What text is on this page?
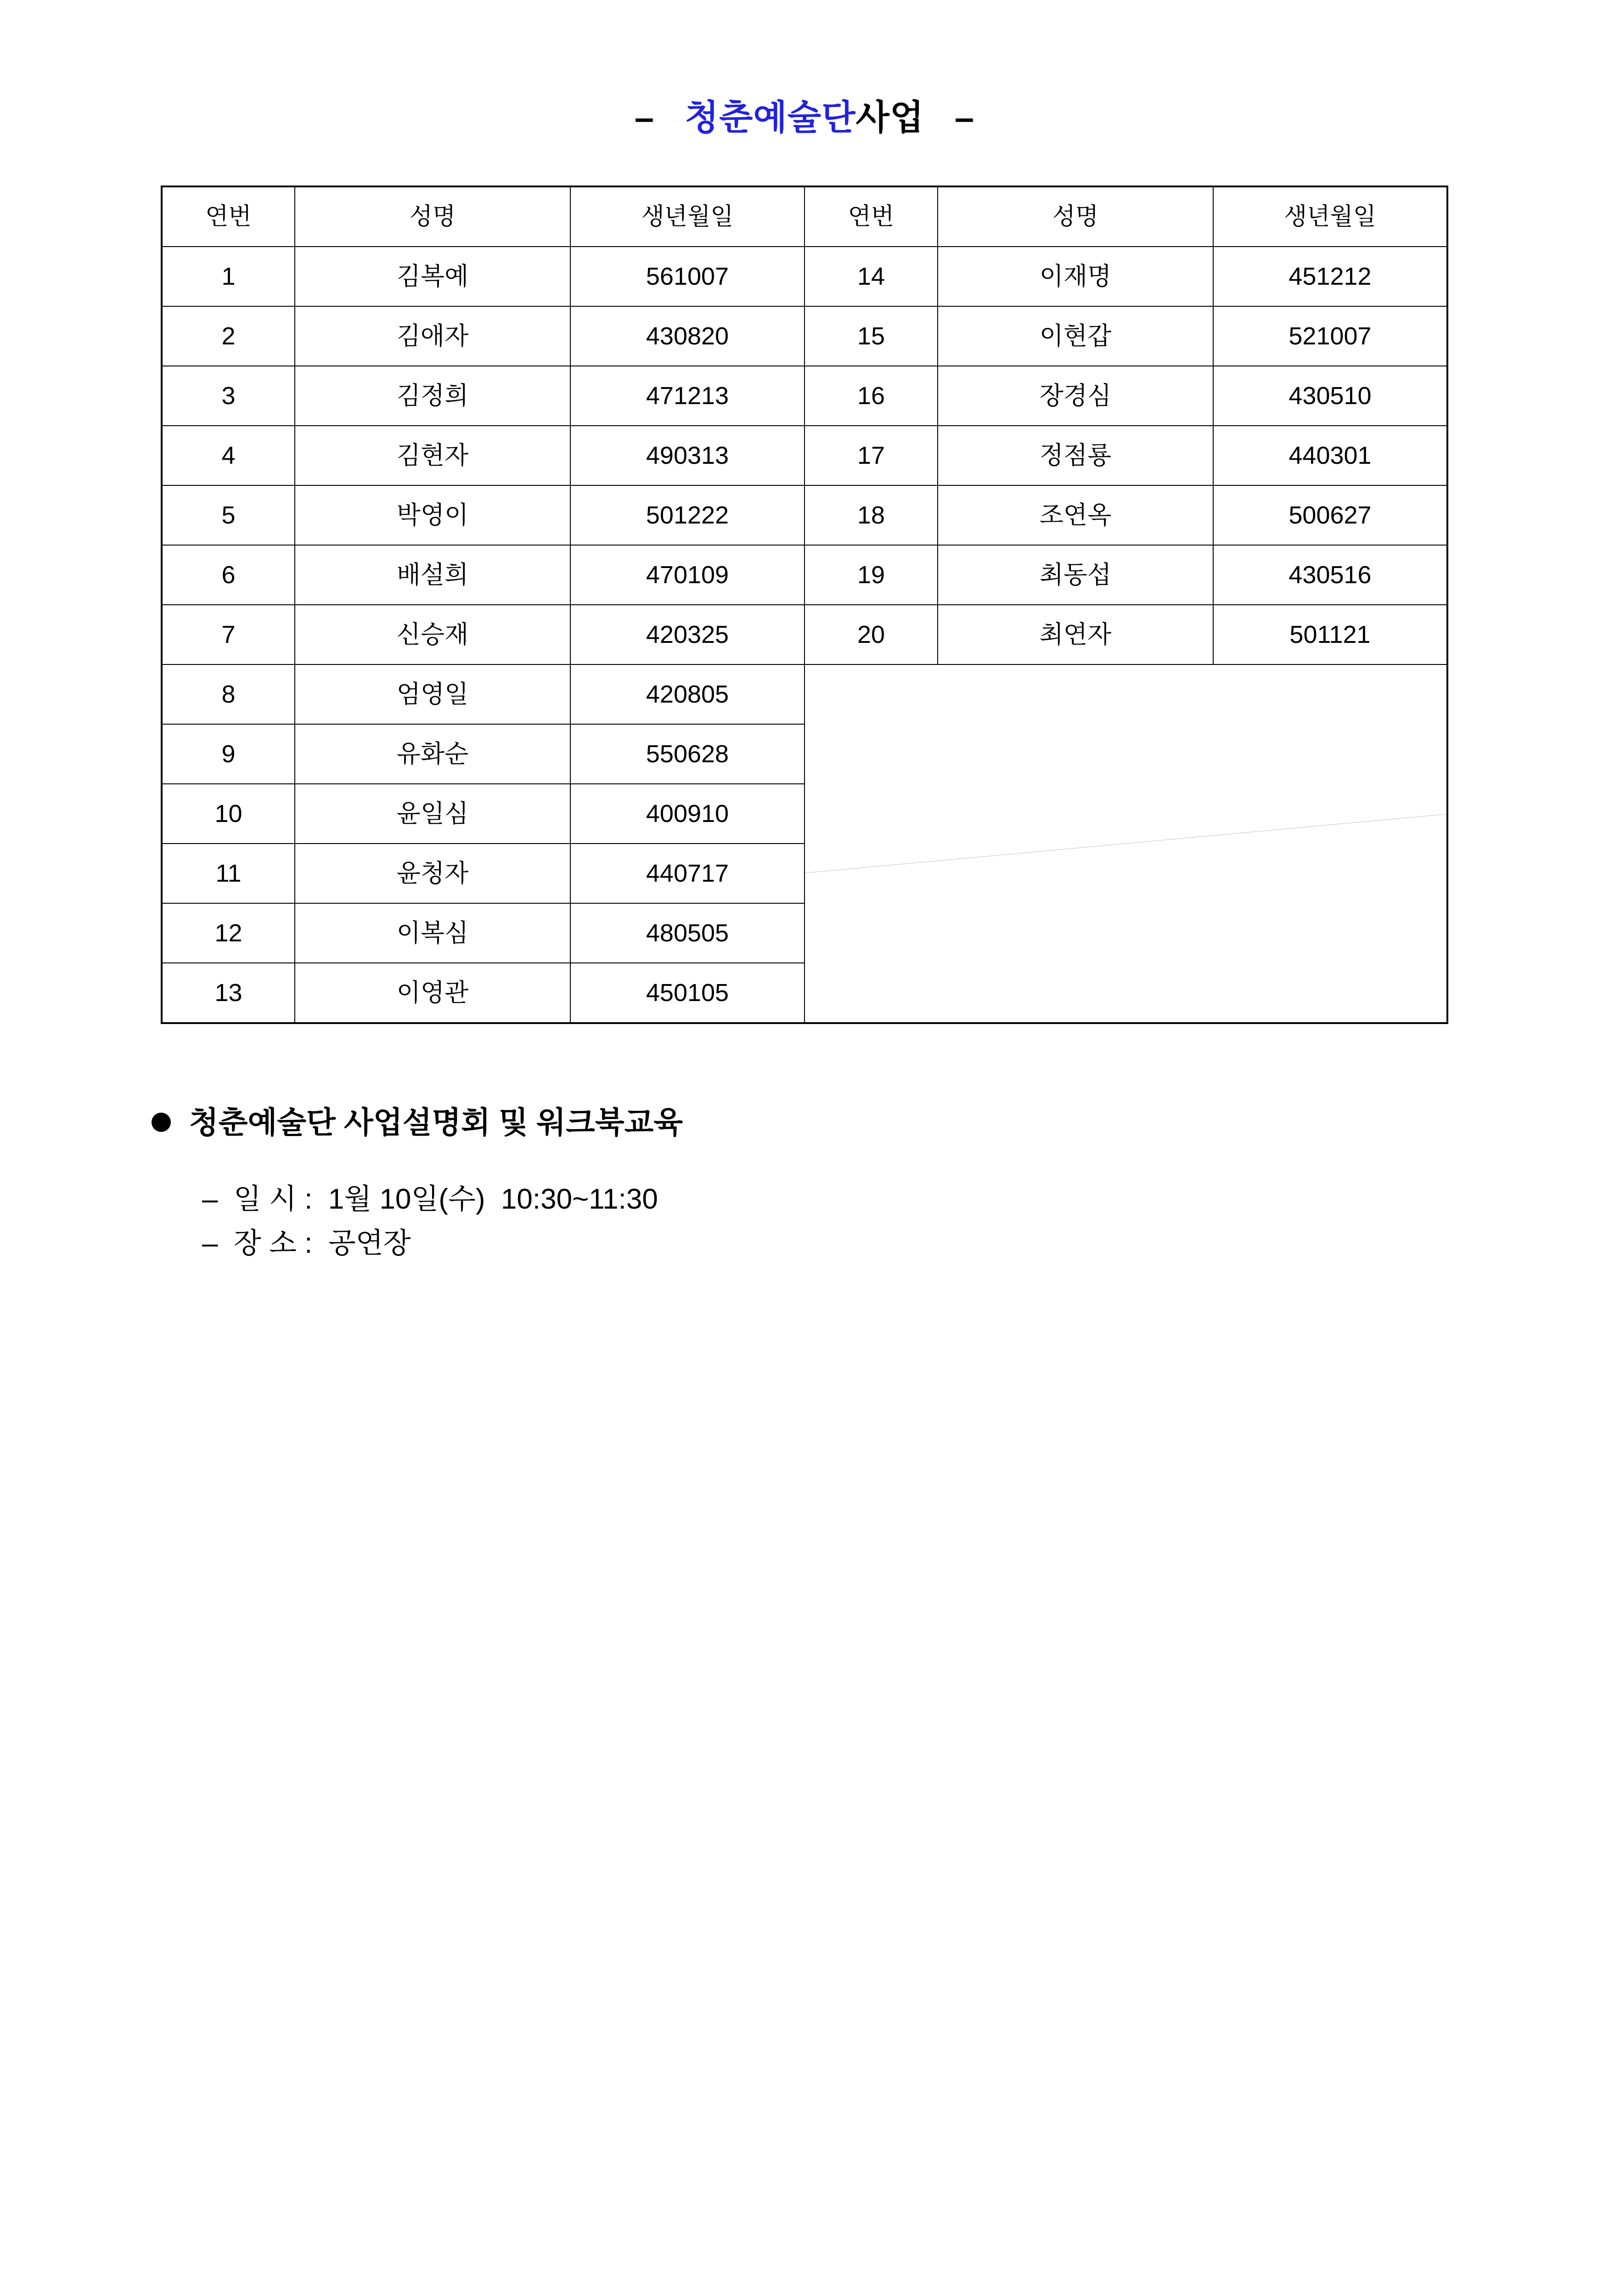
– 청춘예술단사업 –
연번	성명	생년월일	연번	성명	생년월일
1	김복예	561007	14	이재명	451212
2	김애자	430820	15	이현갑	521007
3	김정희	471213	16	장경심	430510
4	김현자	490313	17	정점룡	440301
5	박영이	501222	18	조연옥	500627
6	배설희	470109	19	최동섭	430516
7	신승재	420325	20	최연자	501121
8	엄영일	420805	

9	유화순	550628			
10	윤일심	400910			
11	윤청자	440717			
12	이복심	480505			
13	이영관	450105			
청춘예술단 사업설명회 및 워크북교육
–  일 시 :  1월 10일(수)  10:30~11:30
–  장 소 :  공연장
